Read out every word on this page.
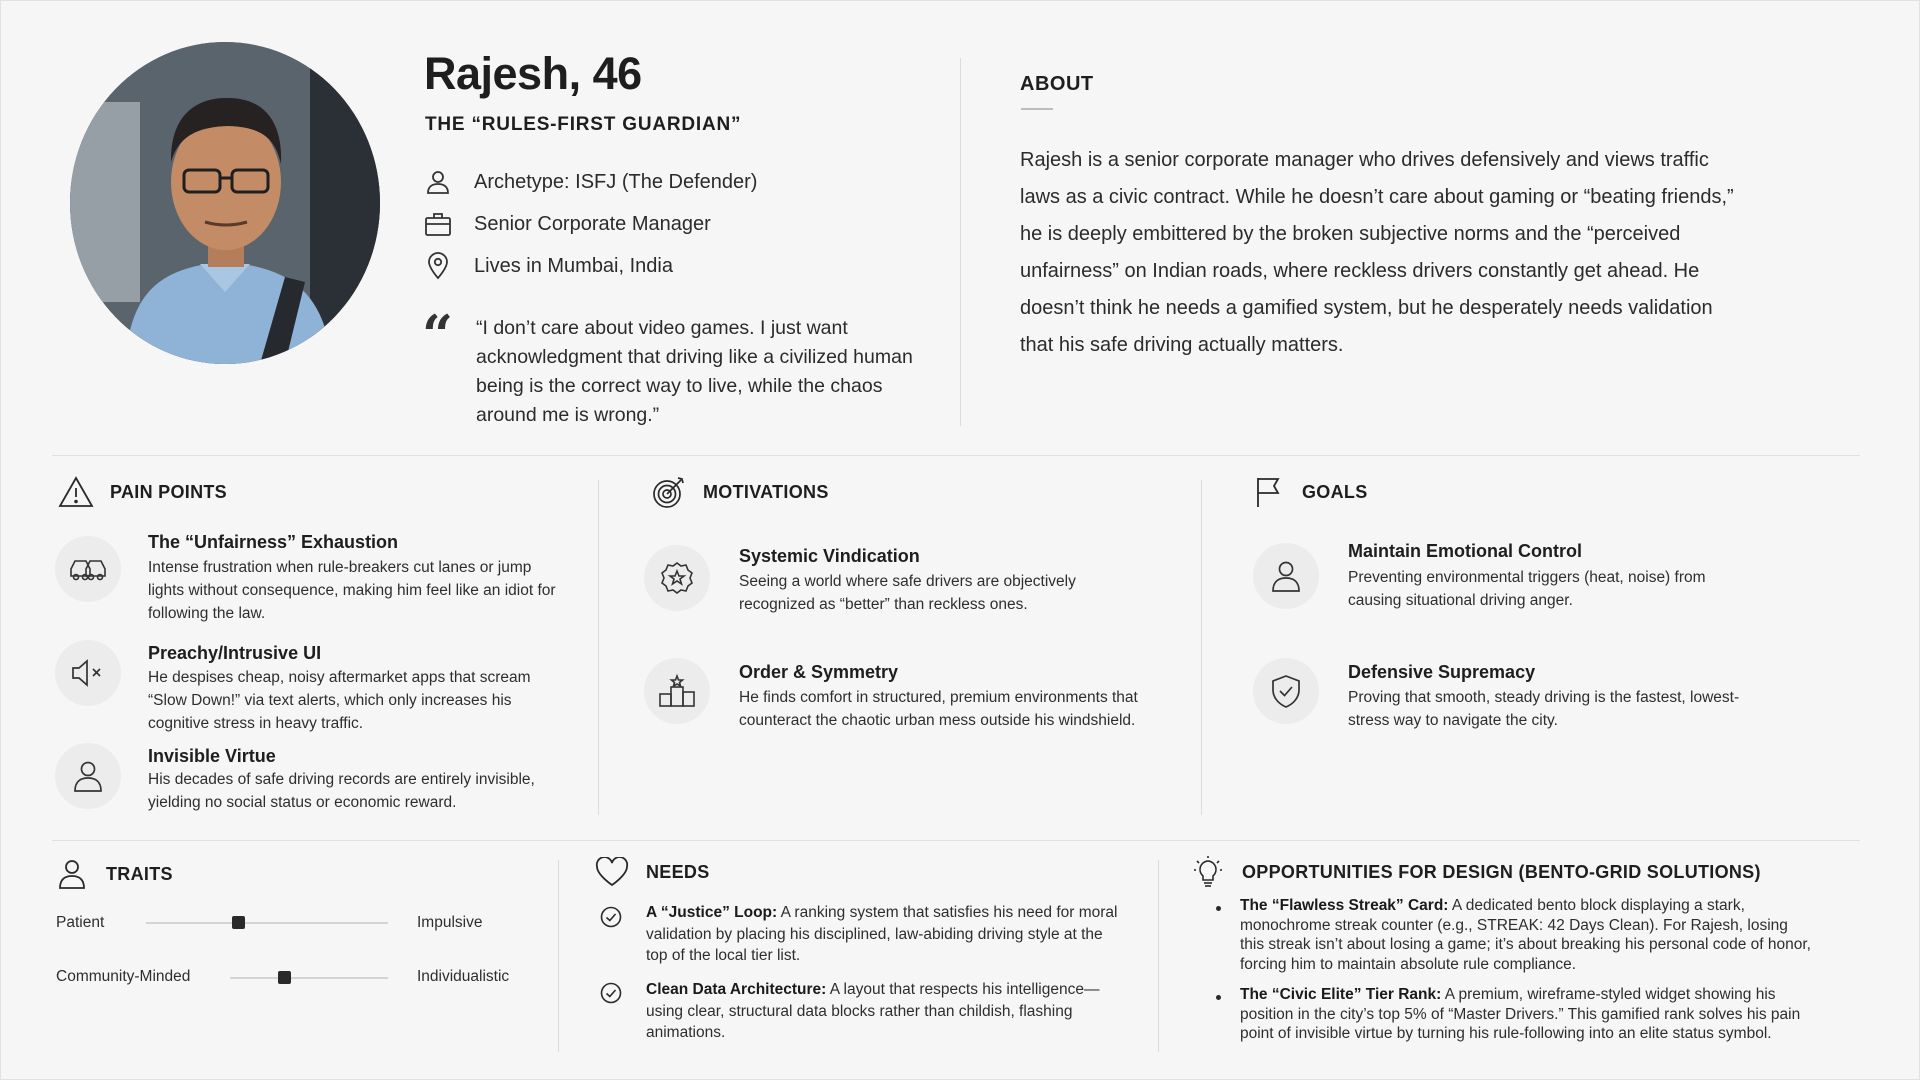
Rajesh, 46
THE “RULES-FIRST GUARDIAN”
Archetype: ISFJ (The Defender)
Senior Corporate Manager
Lives in Mumbai, India
“ “I don’t care about video games. I just want acknowledgment that driving like a civilized human being is the correct way to live, while the chaos around me is wrong.”
ABOUT
Rajesh is a senior corporate manager who drives defensively and views traffic laws as a civic contract. While he doesn’t care about gaming or “beating friends,” he is deeply embittered by the broken subjective norms and the “perceived unfairness” on Indian roads, where reckless drivers constantly get ahead. He doesn’t think he needs a gamified system, but he desperately needs validation that his safe driving actually matters.
PAIN POINTS
The “Unfairness” Exhaustion
Intense frustration when rule-breakers cut lanes or jump lights without consequence, making him feel like an idiot for following the law.
Preachy/Intrusive UI
He despises cheap, noisy aftermarket apps that scream “Slow Down!” via text alerts, which only increases his cognitive stress in heavy traffic.
Invisible Virtue
His decades of safe driving records are entirely invisible, yielding no social status or economic reward.
MOTIVATIONS
Systemic Vindication
Seeing a world where safe drivers are objectively recognized as “better” than reckless ones.
Order & Symmetry
He finds comfort in structured, premium environments that counteract the chaotic urban mess outside his windshield.
GOALS
Maintain Emotional Control
Preventing environmental triggers (heat, noise) from causing situational driving anger.
Defensive Supremacy
Proving that smooth, steady driving is the fastest, lowest-stress way to navigate the city.
TRAITS
Patient	Impulsive
Community-Minded	Individualistic
NEEDS
A “Justice” Loop: A ranking system that satisfies his need for moral validation by placing his disciplined, law-abiding driving style at the top of the local tier list.
Clean Data Architecture: A layout that respects his intelligence—using clear, structural data blocks rather than childish, flashing animations.
OPPORTUNITIES FOR DESIGN (BENTO-GRID SOLUTIONS)
The “Flawless Streak” Card: A dedicated bento block displaying a stark, monochrome streak counter (e.g., STREAK: 42 Days Clean). For Rajesh, losing this streak isn’t about losing a game; it’s about breaking his personal code of honor, forcing him to maintain absolute rule compliance.
The “Civic Elite” Tier Rank: A premium, wireframe-styled widget showing his position in the city’s top 5% of “Master Drivers.” This gamified rank solves his pain point of invisible virtue by turning his rule-following into an elite status symbol.
